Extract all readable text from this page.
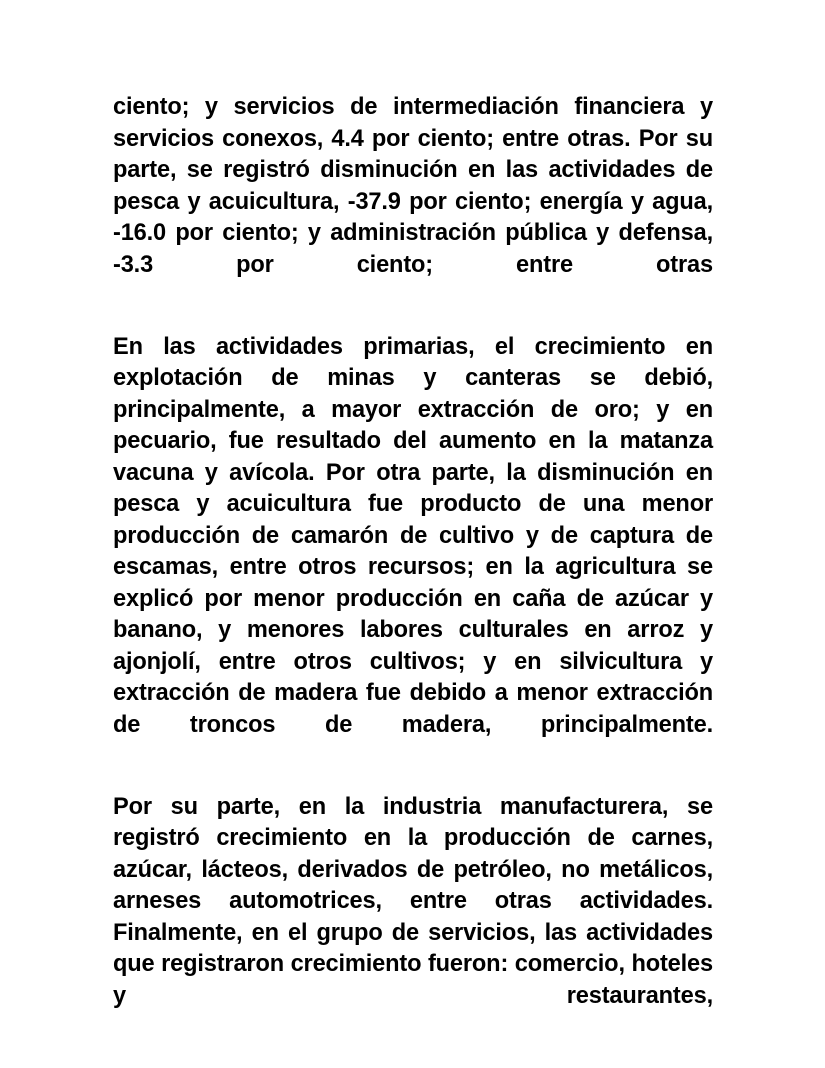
ciento; y servicios de intermediación financiera y servicios conexos, 4.4 por ciento; entre otras. Por su parte, se registró disminución en las actividades de pesca y acuicultura, -37.9 por ciento; energía y agua, -16.0 por ciento; y administración pública y defensa, -3.3 por ciento; entre otras

En las actividades primarias, el crecimiento en explotación de minas y canteras se debió, principalmente, a mayor extracción de oro; y en pecuario, fue resultado del aumento en la matanza vacuna y avícola. Por otra parte, la disminución en pesca y acuicultura fue producto de una menor producción de camarón de cultivo y de captura de escamas, entre otros recursos; en la agricultura se explicó por menor producción en caña de azúcar y banano, y menores labores culturales en arroz y ajonjolí, entre otros cultivos; y en silvicultura y extracción de madera fue debido a menor extracción de troncos de madera, principalmente.

Por su parte, en la industria manufacturera, se registró crecimiento en la producción de carnes, azúcar, lácteos, derivados de petróleo, no metálicos, arneses automotrices, entre otras actividades. Finalmente, en el grupo de servicios, las actividades que registraron crecimiento fueron: comercio, hoteles y restaurantes,
